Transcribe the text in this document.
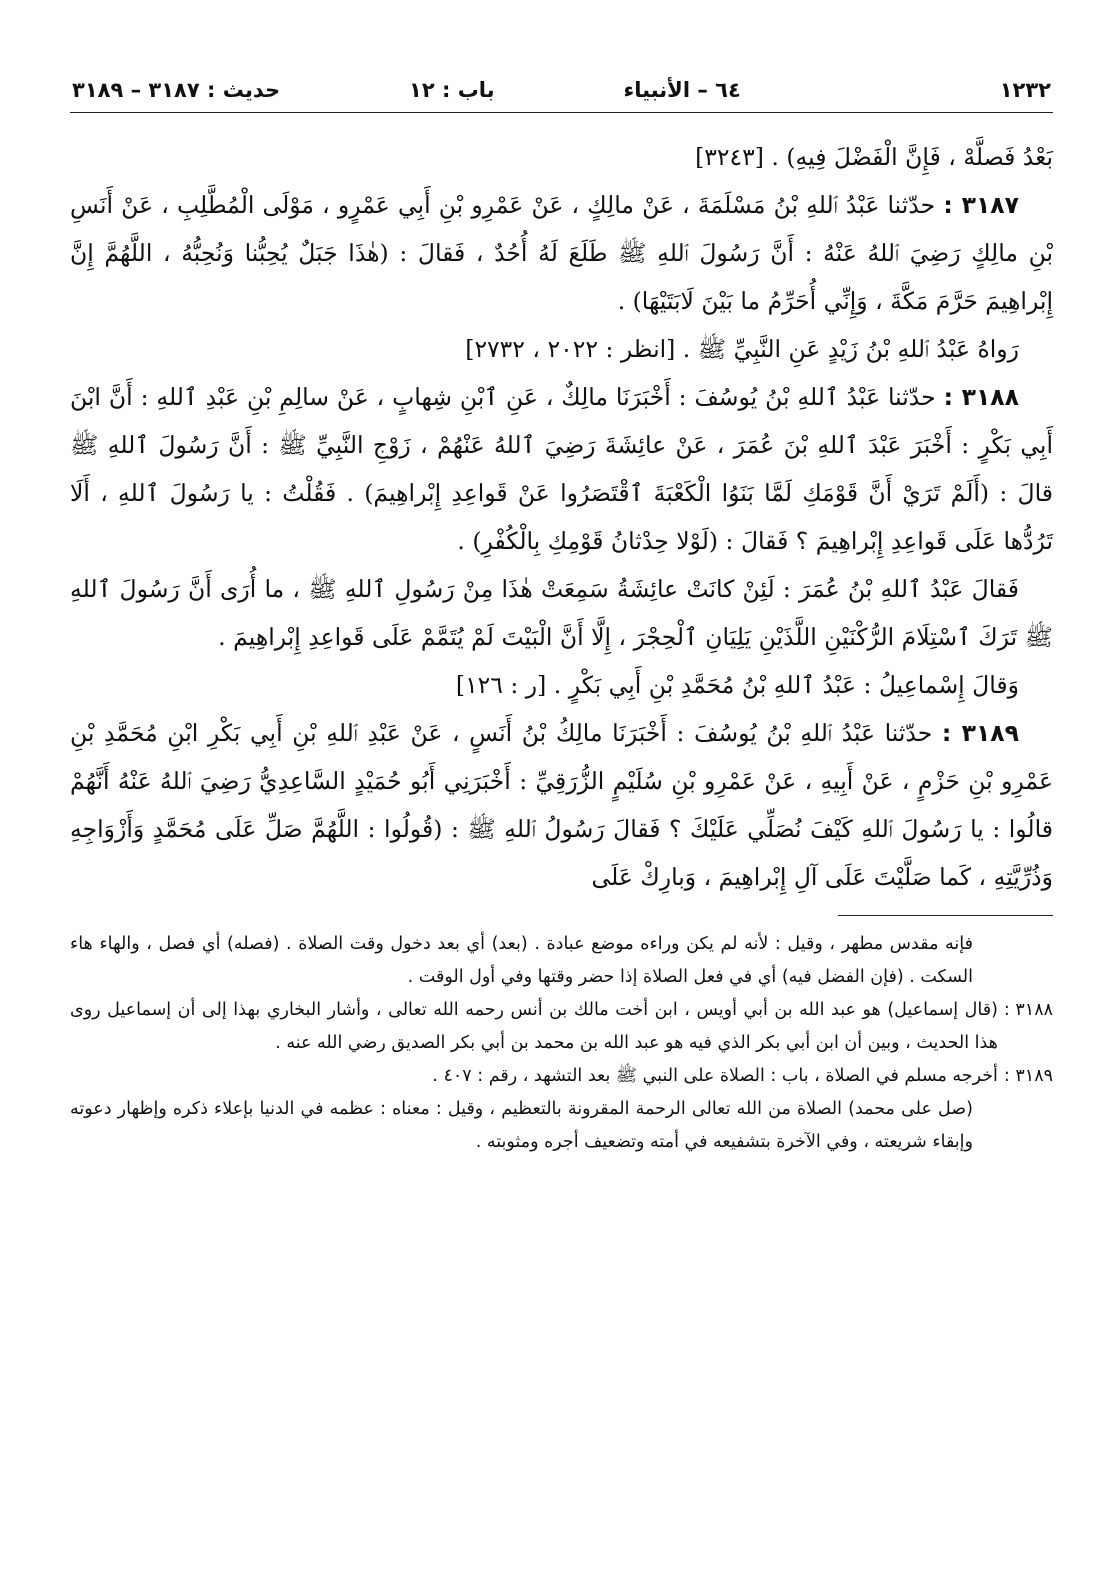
١٢٣٢
٦٤ – الأنبياء
باب : ١٢
حديث : ٣١٨٧ – ٣١٨٩

بَعْدُ فَصلَّهْ ، فَإِنَّ الْفَضْلَ فِيهِ) . [٣٢٤٣]

٣١٨٧ : حدّثنا عَبْدُ ٱللهِ بْنُ مَسْلَمَةَ ، عَنْ مالِكٍ ، عَنْ عَمْرِو بْنِ أَبِي عَمْرٍو ، مَوْلَى الْمُطَّلِبِ ، عَنْ أَنَسِ بْنِ مالِكٍ رَضِيَ ٱللهُ عَنْهُ : أَنَّ رَسُولَ ٱللهِ ﷺ طَلَعَ لَهُ أُحُدٌ ، فَقالَ : (هٰذَا جَبَلٌ يُحِبُّنا وَنُحِبُّهُ ، اللَّهُمَّ إِنَّ إِبْراهِيمَ حَرَّمَ مَكَّةَ ، وَإِنِّي أُحَرِّمُ ما بَيْنَ لَابَتَيْهَا) .

رَواهُ عَبْدُ ٱللهِ بْنُ زَيْدٍ عَنِ النَّبِيِّ ﷺ . [انظر : ٢٠٢٢ ، ٢٧٣٢]

٣١٨٨ : حدّثنا عَبْدُ ٱللهِ بْنُ يُوسُفَ : أَخْبَرَنَا مالِكٌ ، عَنِ ٱبْنِ شِهابٍ ، عَنْ سالِمِ بْنِ عَبْدِ ٱللهِ : أَنَّ ابْنَ أَبِي بَكْرٍ : أَخْبَرَ عَبْدَ ٱللهِ بْنَ عُمَرَ ، عَنْ عائِشَةَ رَضِيَ ٱللهُ عَنْهُمْ ، زَوْجِ النَّبِيِّ ﷺ : أَنَّ رَسُولَ ٱللهِ ﷺ قالَ : (أَلَمْ تَرَيْ أَنَّ قَوْمَكِ لَمَّا بَنَوُا الْكَعْبَةَ ٱقْتَصَرُوا عَنْ قَواعِدِ إِبْراهِيمَ) . فَقُلْتُ : يا رَسُولَ ٱللهِ ، أَلَا تَرُدُّها عَلَى قَواعِدِ إِبْراهِيمَ ؟ فَقالَ : (لَوْلا حِدْثانُ قَوْمِكِ بِالْكُفْرِ) .

فَقالَ عَبْدُ ٱللهِ بْنُ عُمَرَ : لَئِنْ كانَتْ عائِشَةُ سَمِعَتْ هٰذَا مِنْ رَسُولِ ٱللهِ ﷺ ، ما أُرَى أَنَّ رَسُولَ ٱللهِ ﷺ تَرَكَ ٱسْتِلَامَ الرُّكْنَيْنِ اللَّذَيْنِ يَلِيَانِ ٱلْحِجْرَ ، إِلَّا أَنَّ الْبَيْتَ لَمْ يُتَمَّمْ عَلَى قَواعِدِ إِبْراهِيمَ .

وَقالَ إِسْماعِيلُ : عَبْدُ ٱللهِ بْنُ مُحَمَّدِ بْنِ أَبِي بَكْرٍ . [ر : ١٢٦]

٣١٨٩ : حدّثنا عَبْدُ ٱللهِ بْنُ يُوسُفَ : أَخْبَرَنَا مالِكُ بْنُ أَنَسٍ ، عَنْ عَبْدِ ٱللهِ بْنِ أَبِي بَكْرِ ابْنِ مُحَمَّدِ بْنِ عَمْرِو بْنِ حَزْمٍ ، عَنْ أَبِيهِ ، عَنْ عَمْرِو بْنِ سُلَيْمٍ الزُّرَقِيِّ : أَخْبَرَنِي أَبُو حُمَيْدٍ السَّاعِدِيُّ رَضِيَ ٱللهُ عَنْهُ أَنَّهُمْ قالُوا : يا رَسُولَ ٱللهِ كَيْفَ نُصَلِّي عَلَيْكَ ؟ فَقالَ رَسُولُ ٱللهِ ﷺ : (قُولُوا : اللَّهُمَّ صَلِّ عَلَى مُحَمَّدٍ وَأَزْوَاجِهِ وَذُرِّيَّتِهِ ، كَما صَلَّيْتَ عَلَى آلِ إِبْراهِيمَ ، وَبارِكْ عَلَى

فإنه مقدس مطهر ، وقيل : لأنه لم يكن وراءه موضع عبادة . (بعد) أي بعد دخول وقت الصلاة . (فصله) أي فصل ، والهاء هاء السكت . (فإن الفضل فيه) أي في فعل الصلاة إذا حضر وقتها وفي أول الوقت .

٣١٨٨ :
(قال إسماعيل) هو عبد الله بن أبي أويس ، ابن أخت مالك بن أنس رحمه الله تعالى ، وأشار البخاري بهذا إلى أن إسماعيل روى هذا الحديث ، وبين أن ابن أبي بكر الذي فيه هو عبد الله بن محمد بن أبي بكر الصديق رضي الله عنه .
٣١٨٩ :
أخرجه مسلم في الصلاة ، باب : الصلاة على النبي ﷺ بعد التشهد ، رقم : ٤٠٧ .

(صل على محمد) الصلاة من الله تعالى الرحمة المقرونة بالتعظيم ، وقيل : معناه : عظمه في الدنيا بإعلاء ذكره وإظهار دعوته وإبقاء شريعته ، وفي الآخرة بتشفيعه في أمته وتضعيف أجره ومثوبته .
